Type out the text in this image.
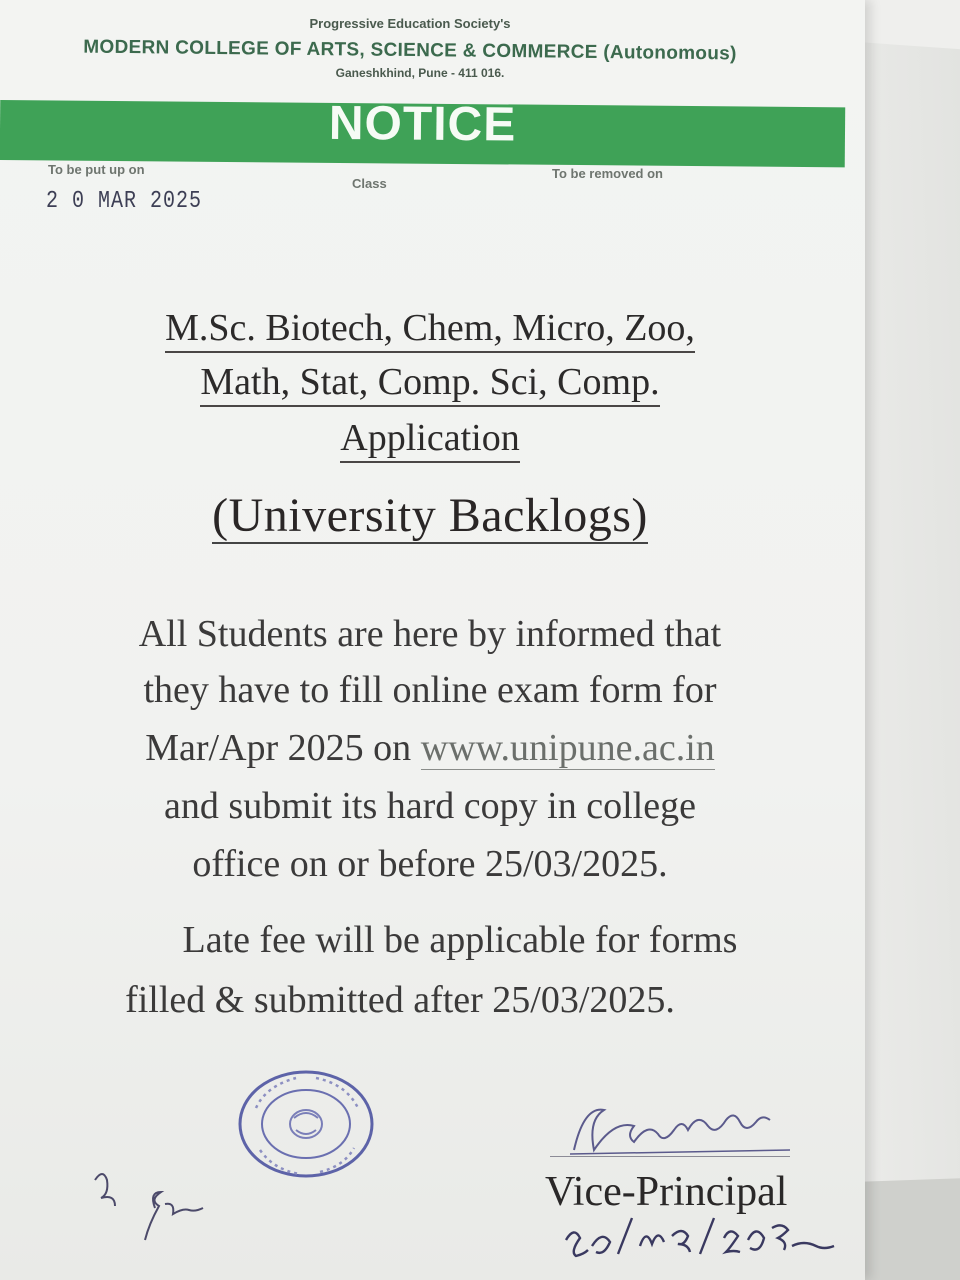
Progressive Education Society's
MODERN COLLEGE OF ARTS, SCIENCE & COMMERCE (Autonomous)
Ganeshkhind, Pune - 411 016.
NOTICE
To be put up on
2 0 MAR 2025
Class
To be removed on
M.Sc. Biotech, Chem, Micro, Zoo,
Math, Stat, Comp. Sci, Comp.
Application
(University Backlogs)
All Students are here by informed that
they have to fill online exam form for
Mar/Apr 2025 on www.unipune.ac.in
and submit its hard copy in college
office on or before 25/03/2025.
Late fee will be applicable for forms
filled & submitted after 25/03/2025.
Vice-Principal
